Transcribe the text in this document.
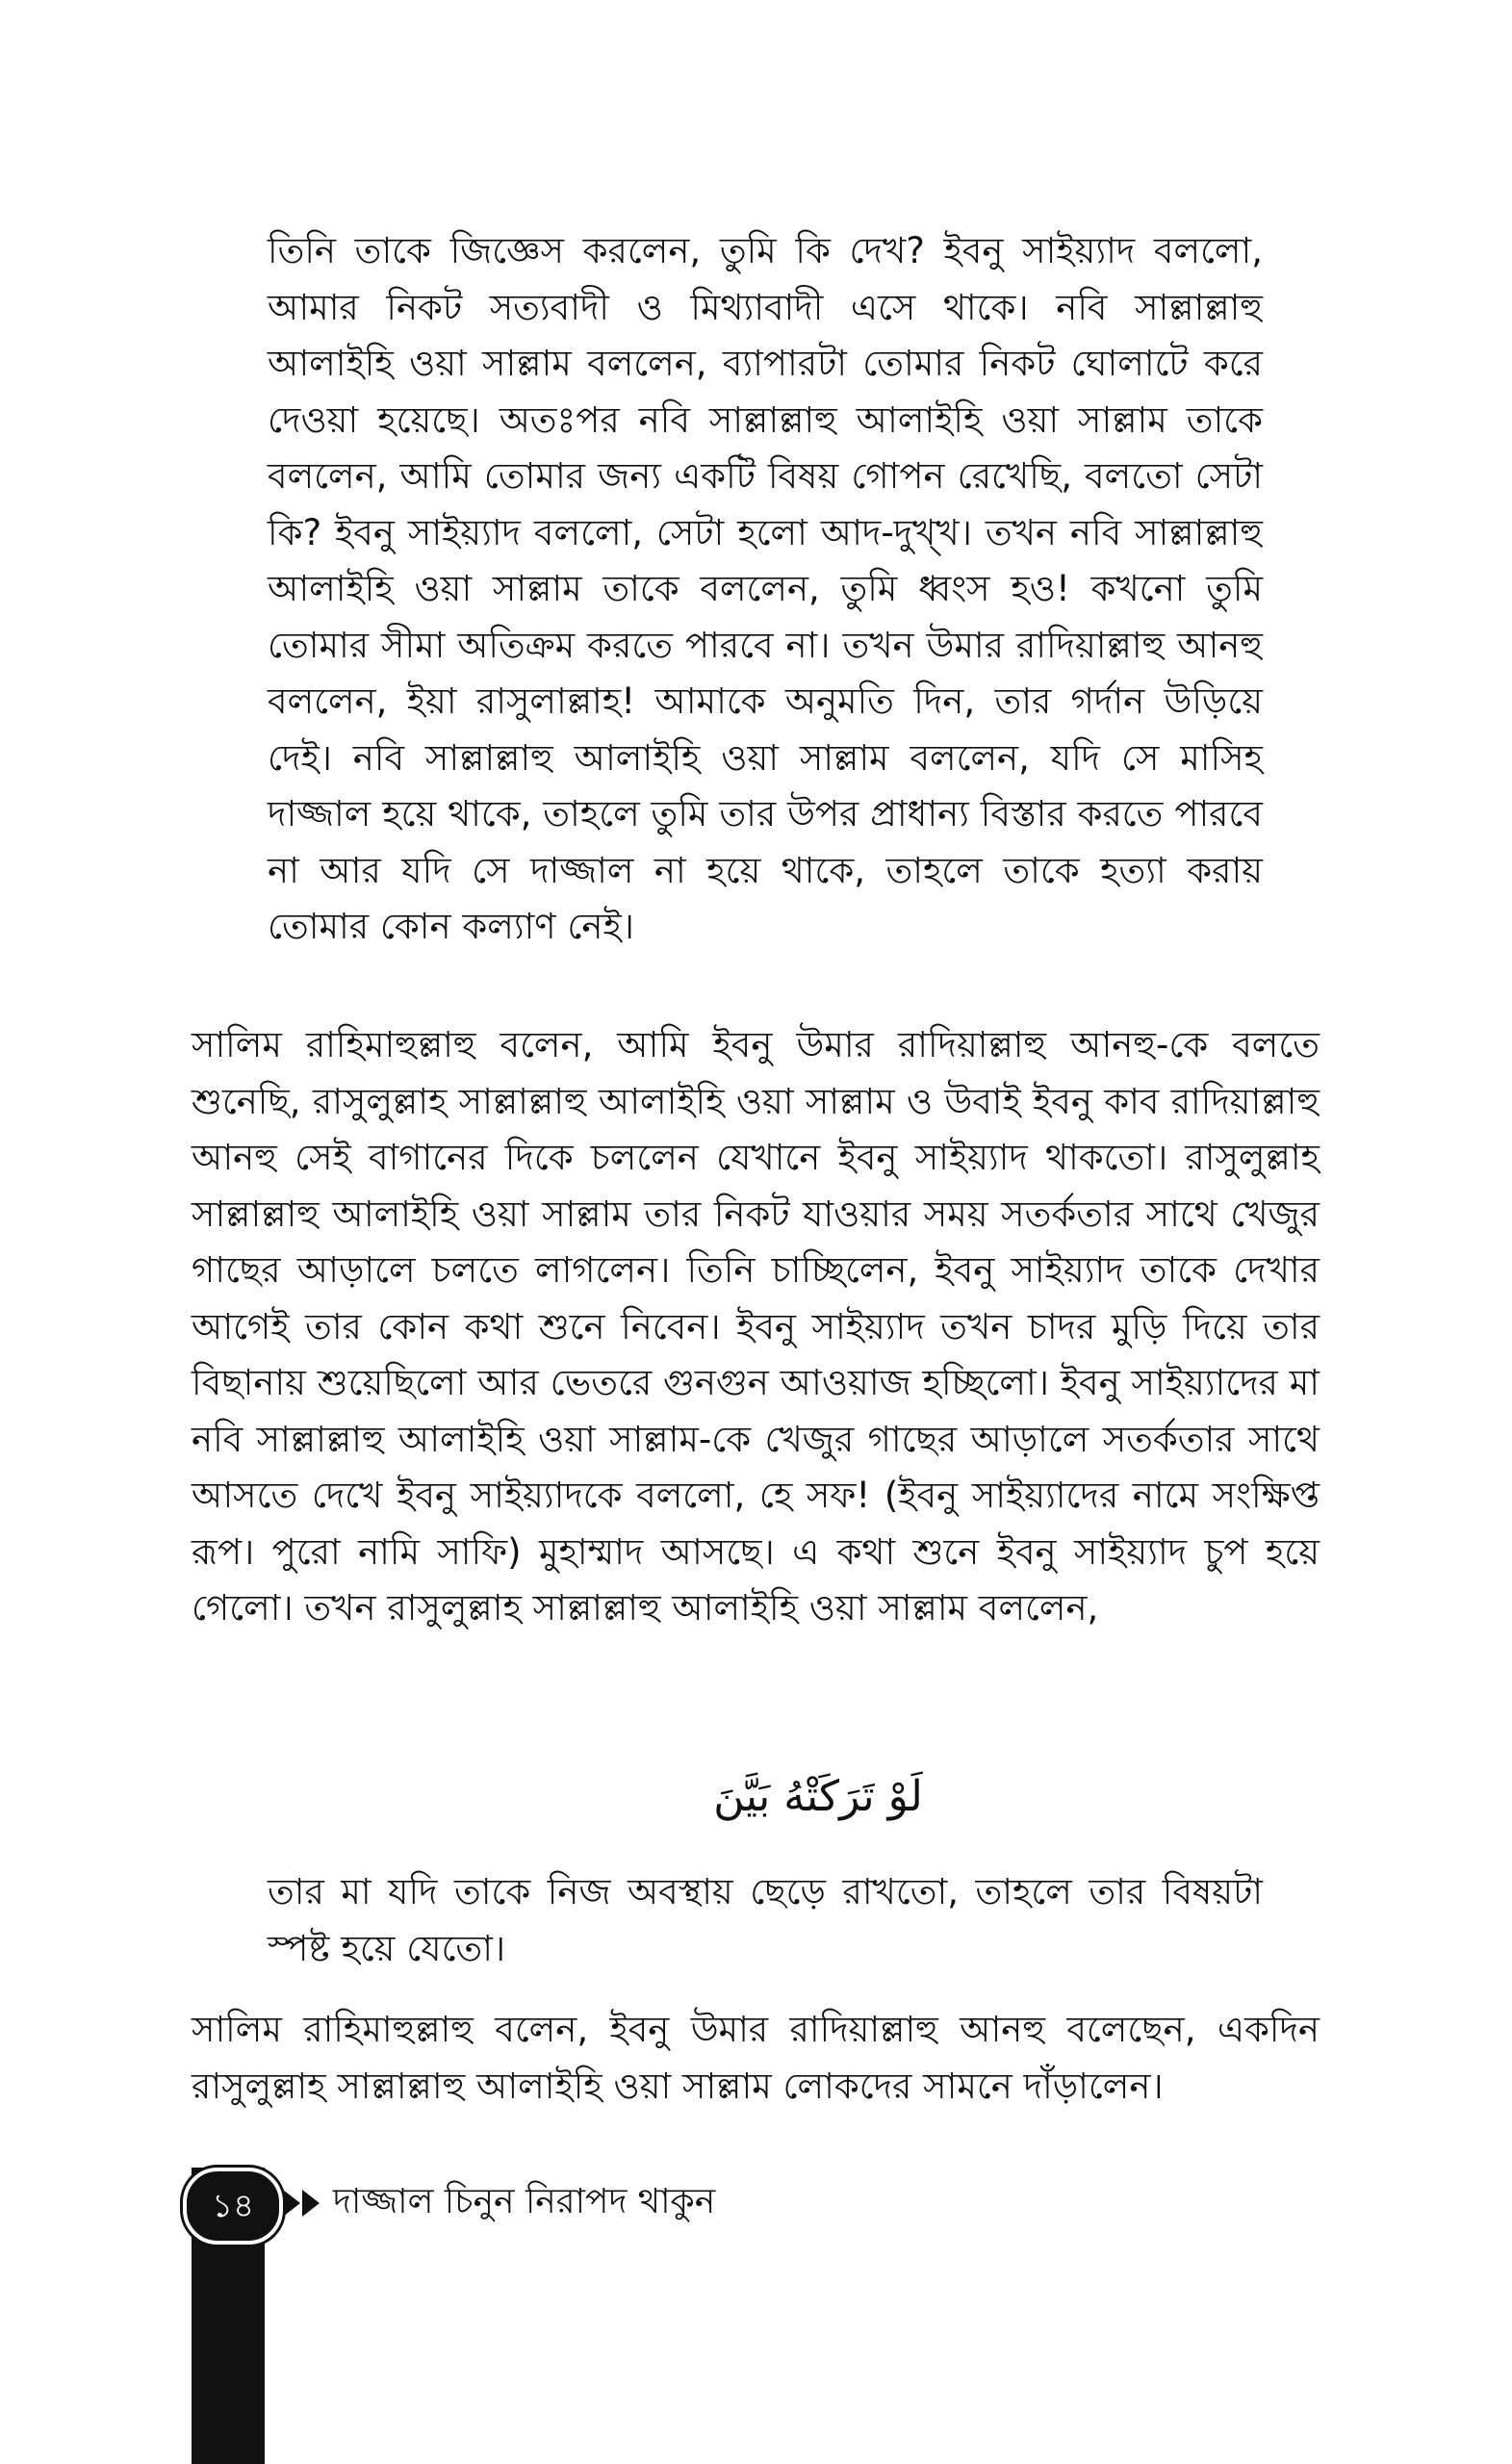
তিনি তাকে জিজ্ঞেস করলেন, তুমি কি দেখ? ইবনু সাইয়্যাদ বললো, আমার নিকট সত্যবাদী ও মিথ্যাবাদী এসে থাকে। নবি সাল্লাল্লাহু আলাইহি ওয়া সাল্লাম বললেন, ব্যাপারটা তোমার নিকট ঘোলাটে করে দেওয়া হয়েছে। অতঃপর নবি সাল্লাল্লাহু আলাইহি ওয়া সাল্লাম তাকে বললেন, আমি তোমার জন্য একটি বিষয় গোপন রেখেছি, বলতো সেটা কি? ইবনু সাইয়্যাদ বললো, সেটা হলো আদ-দুখ্‌খ। তখন নবি সাল্লাল্লাহু আলাইহি ওয়া সাল্লাম তাকে বললেন, তুমি ধ্বংস হও! কখনো তুমি তোমার সীমা অতিক্রম করতে পারবে না। তখন উমার রাদিয়াল্লাহু আনহু বললেন, ইয়া রাসুলাল্লাহ! আমাকে অনুমতি দিন, তার গর্দান উড়িয়ে দেই। নবি সাল্লাল্লাহু আলাইহি ওয়া সাল্লাম বললেন, যদি সে মাসিহ দাজ্জাল হয়ে থাকে, তাহলে তুমি তার উপর প্রাধান্য বিস্তার করতে পারবে না আর যদি সে দাজ্জাল না হয়ে থাকে, তাহলে তাকে হত্যা করায় তোমার কোন কল্যাণ নেই।

সালিম রাহিমাহুল্লাহু বলেন, আমি ইবনু উমার রাদিয়াল্লাহু আনহু-কে বলতে শুনেছি, রাসুলুল্লাহ সাল্লাল্লাহু আলাইহি ওয়া সাল্লাম ও উবাই ইবনু কাব রাদিয়াল্লাহু আনহু সেই বাগানের দিকে চললেন যেখানে ইবনু সাইয়্যাদ থাকতো। রাসুলুল্লাহ সাল্লাল্লাহু আলাইহি ওয়া সাল্লাম তার নিকট যাওয়ার সময় সতর্কতার সাথে খেজুর গাছের আড়ালে চলতে লাগলেন। তিনি চাচ্ছিলেন, ইবনু সাইয়্যাদ তাকে দেখার আগেই তার কোন কথা শুনে নিবেন। ইবনু সাইয়্যাদ তখন চাদর মুড়ি দিয়ে তার বিছানায় শুয়েছিলো আর ভেতরে গুনগুন আওয়াজ হচ্ছিলো। ইবনু সাইয়্যাদের মা নবি সাল্লাল্লাহু আলাইহি ওয়া সাল্লাম-কে খেজুর গাছের আড়ালে সতর্কতার সাথে আসতে দেখে ইবনু সাইয়্যাদকে বললো, হে সফ! (ইবনু সাইয়্যাদের নামে সংক্ষিপ্ত রূপ। পুরো নামি সাফি) মুহাম্মাদ আসছে। এ কথা শুনে ইবনু সাইয়্যাদ চুপ হয়ে গেলো। তখন রাসুলুল্লাহ সাল্লাল্লাহু আলাইহি ওয়া সাল্লাম বললেন,

لَوْ تَرَكَتْهُ بَيَّنَ

তার মা যদি তাকে নিজ অবস্থায় ছেড়ে রাখতো, তাহলে তার বিষয়টা স্পষ্ট হয়ে যেতো।

সালিম রাহিমাহুল্লাহু বলেন, ইবনু উমার রাদিয়াল্লাহু আনহু বলেছেন, একদিন রাসুলুল্লাহ সাল্লাল্লাহু আলাইহি ওয়া সাল্লাম লোকদের সামনে দাঁড়ালেন।

১৪	দাজ্জাল চিনুন নিরাপদ থাকুন
